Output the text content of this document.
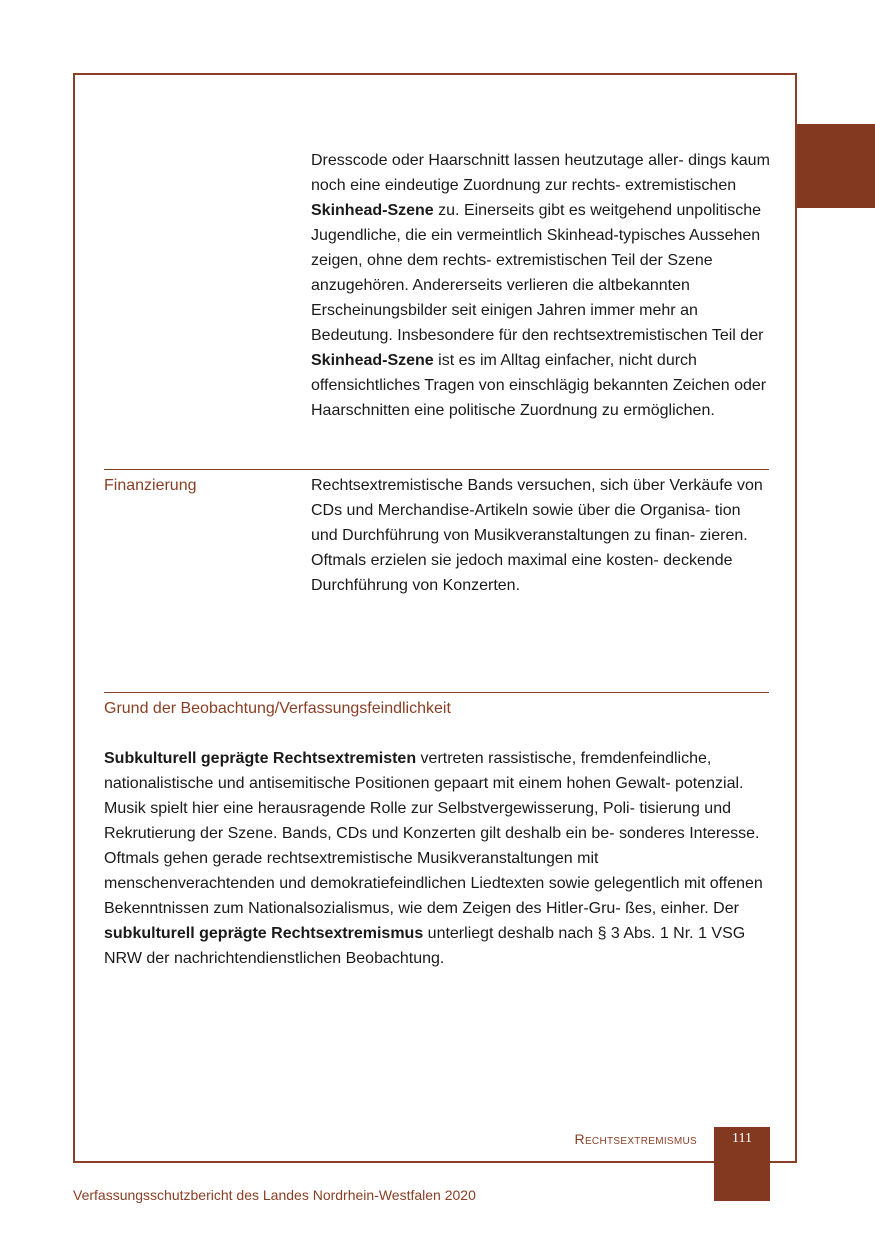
Dresscode oder Haarschnitt lassen heutzutage aller- dings kaum noch eine eindeutige Zuordnung zur rechts- extremistischen Skinhead-Szene zu. Einerseits gibt es weitgehend unpolitische Jugendliche, die ein vermeintlich Skinhead-typisches Aussehen zeigen, ohne dem rechts- extremistischen Teil der Szene anzugehören. Andererseits verlieren die altbekannten Erscheinungsbilder seit einigen Jahren immer mehr an Bedeutung. Insbesondere für den rechtsextremistischen Teil der Skinhead-Szene ist es im Alltag einfacher, nicht durch offensichtliches Tragen von einschlägig bekannten Zeichen oder Haarschnitten eine politische Zuordnung zu ermöglichen.

Finanzierung	Rechtsextremistische Bands versuchen, sich über Verkäufe von CDs und Merchandise-Artikeln sowie über die Organisa- tion und Durchführung von Musikveranstaltungen zu finan- zieren. Oftmals erzielen sie jedoch maximal eine kosten- deckende Durchführung von Konzerten.

Grund der Beobachtung/Verfassungsfeindlichkeit

Subkulturell geprägte Rechtsextremisten vertreten rassistische, fremdenfeindliche, nationalistische und antisemitische Positionen gepaart mit einem hohen Gewalt- potenzial. Musik spielt hier eine herausragende Rolle zur Selbstvergewisserung, Poli- tisierung und Rekrutierung der Szene. Bands, CDs und Konzerten gilt deshalb ein be- sonderes Interesse. Oftmals gehen gerade rechtsextremistische Musikveranstaltungen mit menschenverachtenden und demokratiefeindlichen Liedtexten sowie gelegentlich mit offenen Bekenntnissen zum Nationalsozialismus, wie dem Zeigen des Hitler-Gru- ßes, einher. Der subkulturell geprägte Rechtsextremismus unterliegt deshalb nach § 3 Abs. 1 Nr. 1 VSG NRW der nachrichtendienstlichen Beobachtung.

Rechtsextremismus	111
Verfassungsschutzbericht des Landes Nordrhein-Westfalen 2020
